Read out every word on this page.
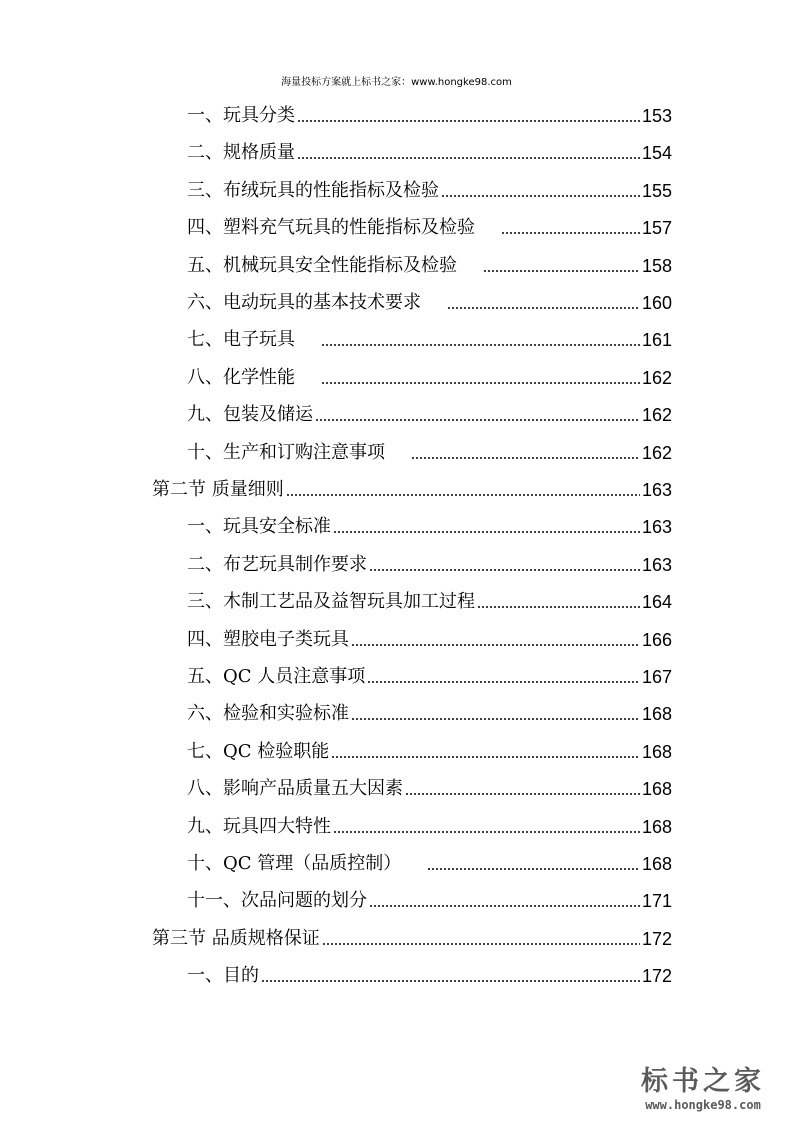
海量投标方案就上标书之家：www.hongke98.com
一、玩具分类	153
二、规格质量	154
三、布绒玩具的性能指标及检验	155
四、塑料充气玩具的性能指标及检验	157
五、机械玩具安全性能指标及检验	158
六、电动玩具的基本技术要求	160
七、电子玩具	161
八、化学性能	162
九、包装及储运	162
十、生产和订购注意事项	162
第二节 质量细则	163
一、玩具安全标准	163
二、布艺玩具制作要求	163
三、木制工艺品及益智玩具加工过程	164
四、塑胶电子类玩具	166
五、QC 人员注意事项	167
六、检验和实验标准	168
七、QC 检验职能	168
八、影响产品质量五大因素	168
九、玩具四大特性	168
十、QC 管理（品质控制）	168
十一、次品问题的划分	171
第三节 品质规格保证	172
一、目的	172
标书之家
www.hongke98.com
